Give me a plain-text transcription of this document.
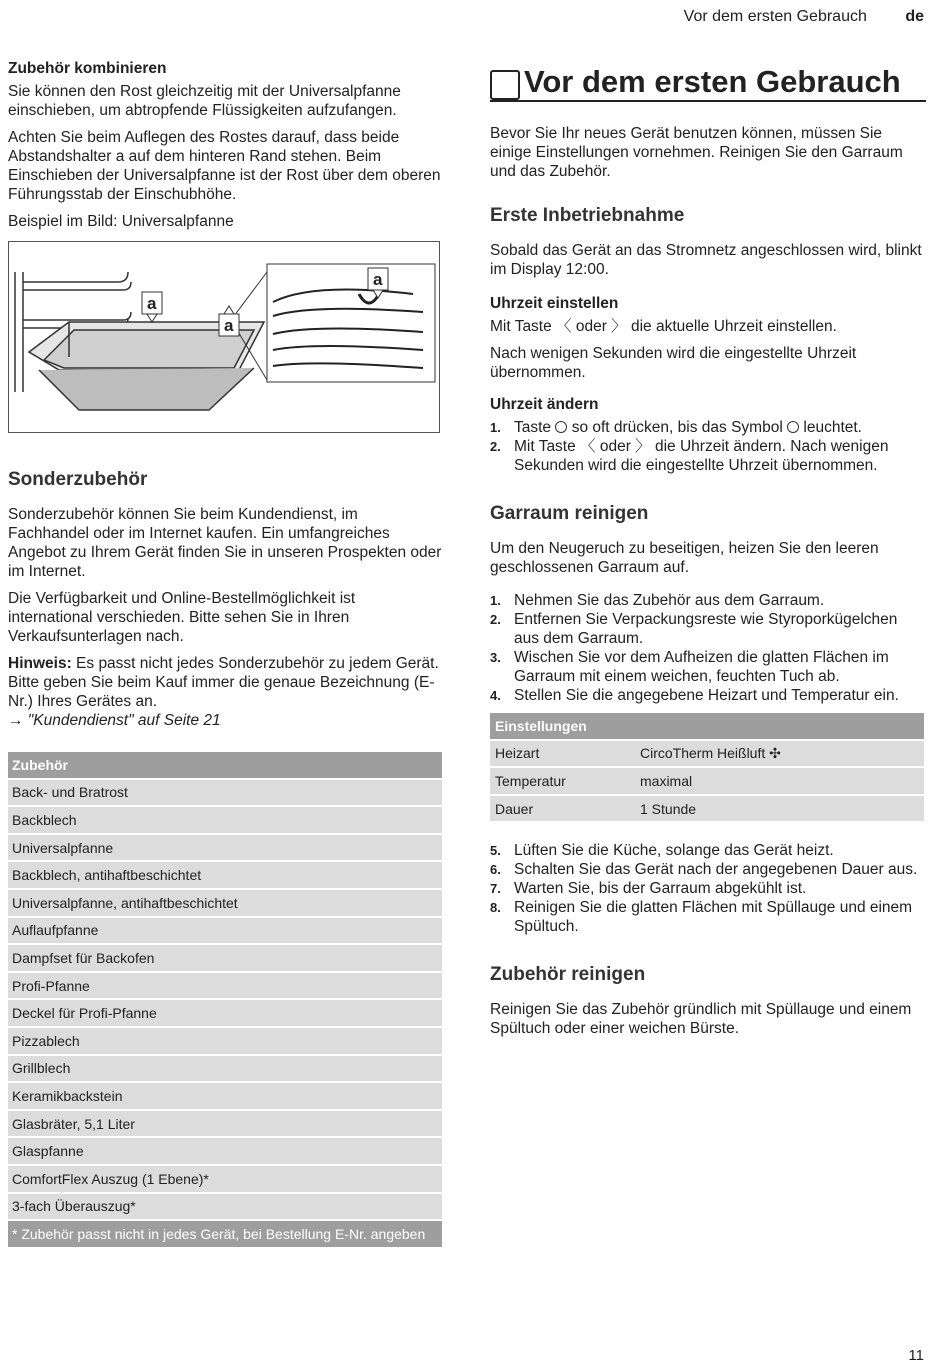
Vor dem ersten Gebrauch de
Zubehör kombinieren

Sie können den Rost gleichzeitig mit der Universalpfanne einschieben, um abtropfende Flüssigkeiten aufzufangen.

Achten Sie beim Auflegen des Rostes darauf, dass beide Abstandshalter a auf dem hinteren Rand stehen. Beim Einschieben der Universalpfanne ist der Rost über dem oberen Führungsstab der Einschubhöhe.

Beispiel im Bild: Universalpfanne

a
a
a
Sonderzubehör

Sonderzubehör können Sie beim Kundendienst, im Fachhandel oder im Internet kaufen. Ein umfangreiches Angebot zu Ihrem Gerät finden Sie in unseren Prospekten oder im Internet.

Die Verfügbarkeit und Online-Bestellmöglichkeit ist international verschieden. Bitte sehen Sie in Ihren Verkaufsunterlagen nach.

Hinweis: Es passt nicht jedes Sonderzubehör zu jedem Gerät. Bitte geben Sie beim Kauf immer die genaue Bezeichnung (E-Nr.) Ihres Gerätes an.

→ "Kundendienst" auf Seite 21

Zubehör
Back- und Bratrost
Backblech
Universalpfanne
Backblech, antihaftbeschichtet
Universalpfanne, antihaftbeschichtet
Auflaufpfanne
Dampfset für Backofen
Profi-Pfanne
Deckel für Profi-Pfanne
Pizzablech
Grillblech
Keramikbackstein
Glasbräter, 5,1 Liter
Glaspfanne
ComfortFlex Auszug (1 Ebene)*
3-fach Überauszug*
* Zubehör passt nicht in jedes Gerät, bei Bestellung E-Nr. angeben
Vor dem ersten Gebrauch

Bevor Sie Ihr neues Gerät benutzen können, müssen Sie einige Einstellungen vornehmen. Reinigen Sie den Garraum und das Zubehör.

Erste Inbetriebnahme

Sobald das Gerät an das Stromnetz angeschlossen wird, blinkt im Display 12:00.

Uhrzeit einstellen

Mit Taste 〈 oder 〉 die aktuelle Uhrzeit einstellen.

Nach wenigen Sekunden wird die eingestellte Uhrzeit übernommen.

Uhrzeit ändern
1. Taste so oft drücken, bis das Symbol leuchtet.
2. Mit Taste 〈 oder 〉 die Uhrzeit ändern. Nach wenigen Sekunden wird die eingestellte Uhrzeit übernommen.
Garraum reinigen

Um den Neugeruch zu beseitigen, heizen Sie den leeren geschlossenen Garraum auf.

1. Nehmen Sie das Zubehör aus dem Garraum.
2. Entfernen Sie Verpackungsreste wie Styroporkügelchen aus dem Garraum.
3. Wischen Sie vor dem Aufheizen die glatten Flächen im Garraum mit einem weichen, feuchten Tuch ab.
4. Stellen Sie die angegebene Heizart und Temperatur ein.
Einstellungen	
Heizart	CircoTherm Heißluft ✣
Temperatur	maximal
Dauer	1 Stunde
5. Lüften Sie die Küche, solange das Gerät heizt.
6. Schalten Sie das Gerät nach der angegebenen Dauer aus.
7. Warten Sie, bis der Garraum abgekühlt ist.
8. Reinigen Sie die glatten Flächen mit Spüllauge und einem Spültuch.
Zubehör reinigen

Reinigen Sie das Zubehör gründlich mit Spüllauge und einem Spültuch oder einer weichen Bürste.

11
